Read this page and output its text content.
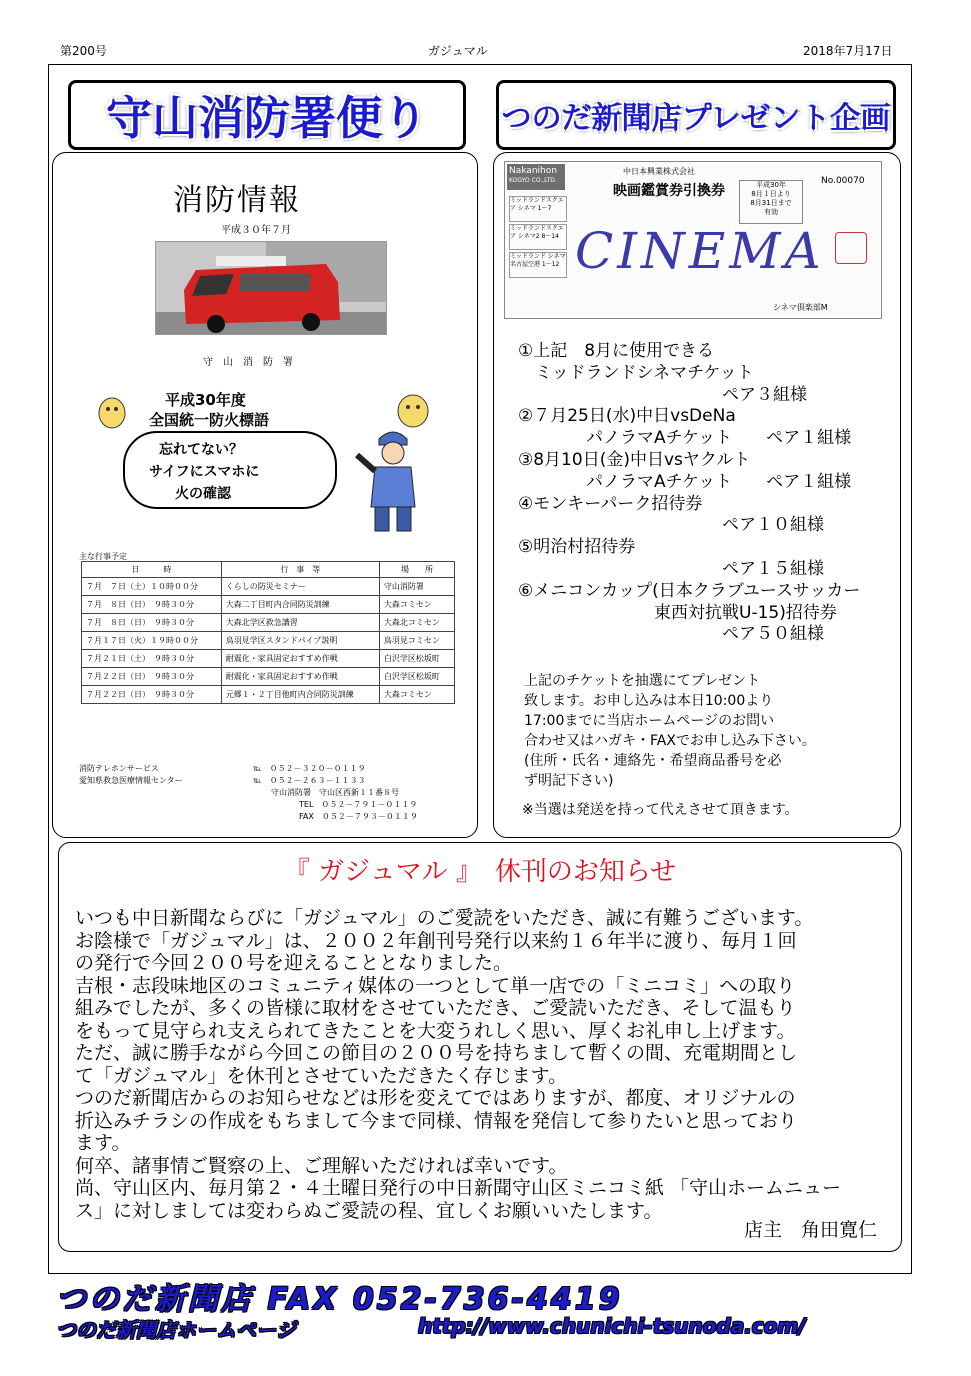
第200号	ガジュマル	2018年7月17日
守山消防署便り	つのだ新聞店プレゼント企画
消防情報
平成３０年７月
守　山　消　防　署
平成30年度
全国統一防火標語
忘れてない？
サイフにスマホに
火の確認
主な行事予定
日　　　時	行　事　等	場　　所
７月　７日（土）１０時００分	くらしの防災セミナー	守山消防署
７月　８日（日）　９時３０分	大森二丁目町内合同防災訓練	大森コミセン
７月　８日（日）　９時３０分	大森北学区救急講習	大森北コミセン
７月１７日（火）１９時００分	鳥羽見学区スタンドパイプ説明	鳥羽見コミセン
７月２１日（土）　９時３０分	耐震化・家具固定おすすめ作戦	白沢学区松坂町
７月２２日（日）　９時３０分	耐震化・家具固定おすすめ作戦	白沢学区松坂町
７月２２日（日）　９時３０分	元郷１・２丁目他町内合同防災訓練	大森コミセン
消防テレホンサービス	℡　０５２－３２０－０１１９
愛知県救急医療情報センター	℡　０５２－２６３－１１３３
守山消防署　守山区西新１１番８号
TEL　０５２－７９１－０１１９
FAX　０５２－７９３－０１１９
Nakanihon
KOGYO CO.,LTD.
ミッドランドスクエア シネマ 1〜7
ミッドランドスクエア シネマ2 8〜14
ミッドランド シネマ 名古屋空港 1〜12
中日本興業株式会社
映画鑑賞券引換券	平成30年
8月１日より
8月31日まで
有効
No.00070
CINEMA
シネマ倶楽部M
①上記　8月に使用できる
　ミッドランドシネマチケット
　　　　　　　　　　　　ペア３組様
②７月25日(水)中日vsDeNa
　　　　パノラマAチケット　　ペア１組様
③8月10日(金)中日vsヤクルト
　　　　パノラマAチケット　　ペア１組様
④モンキーパーク招待券
　　　　　　　　　　　　ペア１０組様
⑤明治村招待券
　　　　　　　　　　　　ペア１５組様
⑥メニコンカップ(日本クラブユースサッカー
　　　　　　　　東西対抗戦U-15)招待券
　　　　　　　　　　　　ペア５０組様
上記のチケットを抽選にてプレゼント
致します。お申し込みは本日10:00より
17:00までに当店ホームページのお問い
合わせ又はハガキ・FAXでお申し込み下さい。
(住所・氏名・連絡先・希望商品番号を必
ず明記下さい)
※当選は発送を持って代えさせて頂きます。
『 ガジュマル 』　休刊のお知らせ
いつも中日新聞ならびに「ガジュマル」のご愛読をいただき、誠に有難うございます。
お陰様で「ガジュマル」は、２００２年創刊号発行以来約１６年半に渡り、毎月１回
の発行で今回２００号を迎えることとなりました。
吉根・志段味地区のコミュニティ媒体の一つとして単一店での「ミニコミ」への取り
組みでしたが、多くの皆様に取材をさせていただき、ご愛読いただき、そして温もり
をもって見守られ支えられてきたことを大変うれしく思い、厚くお礼申し上げます。
ただ、誠に勝手ながら今回この節目の２００号を持ちまして暫くの間、充電期間とし
て「ガジュマル」を休刊とさせていただきたく存じます。
つのだ新聞店からのお知らせなどは形を変えてではありますが、都度、オリジナルの
折込みチラシの作成をもちまして今まで同様、情報を発信して参りたいと思っており
ます。
何卒、諸事情ご賢察の上、ご理解いただければ幸いです。
尚、守山区内、毎月第２・４土曜日発行の中日新聞守山区ミニコミ紙 「守山ホームニュー
ス」に対しましては変わらぬご愛読の程、宜しくお願いいたします。
店主　角田寛仁
つのだ新聞店 FAX 052-736-4419
つのだ新聞店ホームページ	http://www.chunichi-tsunoda.com/
